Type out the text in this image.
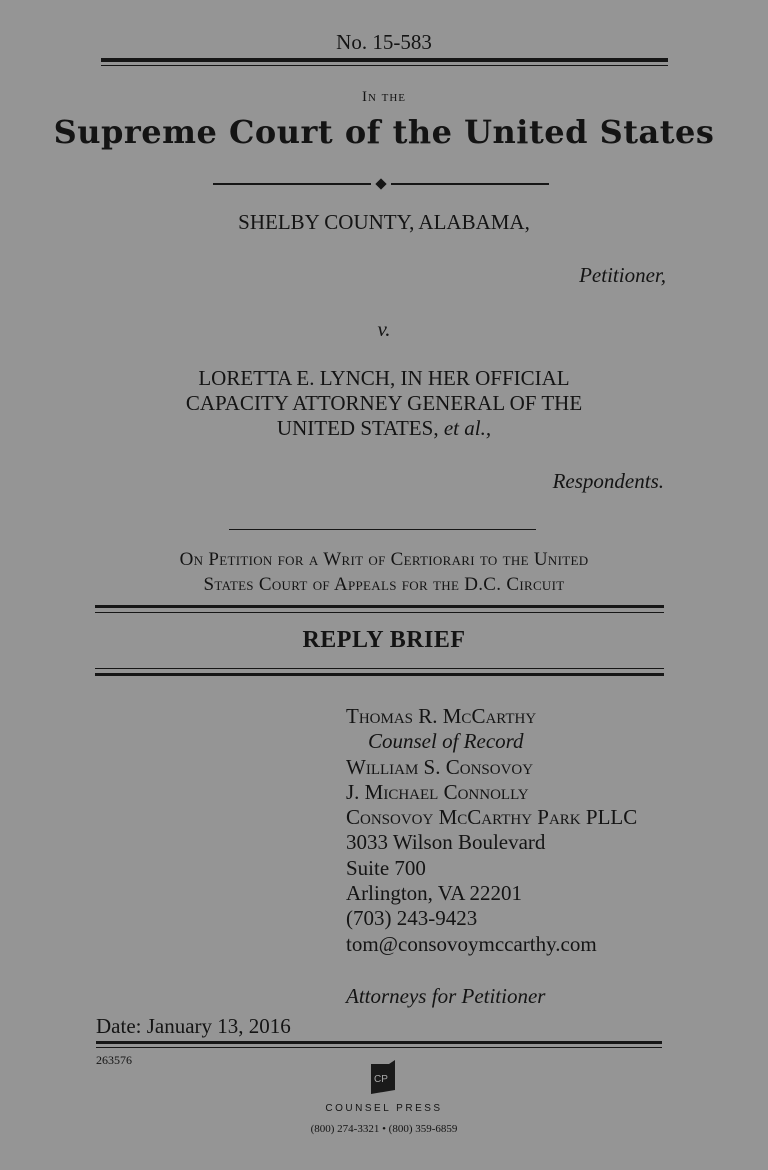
No. 15-583
In the
Supreme Court of the United States
SHELBY COUNTY, ALABAMA,
Petitioner,
v.
LORETTA E. LYNCH, IN HER OFFICIAL
CAPACITY ATTORNEY GENERAL OF THE
UNITED STATES, et al.,
Respondents.
On Petition for a Writ of Certiorari to the United
States Court of Appeals for the D.C. Circuit
REPLY BRIEF
Thomas R. McCarthy
Counsel of Record
William S. Consovoy
J. Michael Connolly
Consovoy McCarthy Park PLLC
3033 Wilson Boulevard
Suite 700
Arlington, VA 22201
(703) 243-9423
tom@consovoymccarthy.com
Attorneys for Petitioner
Date: January 13, 2016
263576
CP
COUNSEL PRESS
(800) 274-3321 • (800) 359-6859
